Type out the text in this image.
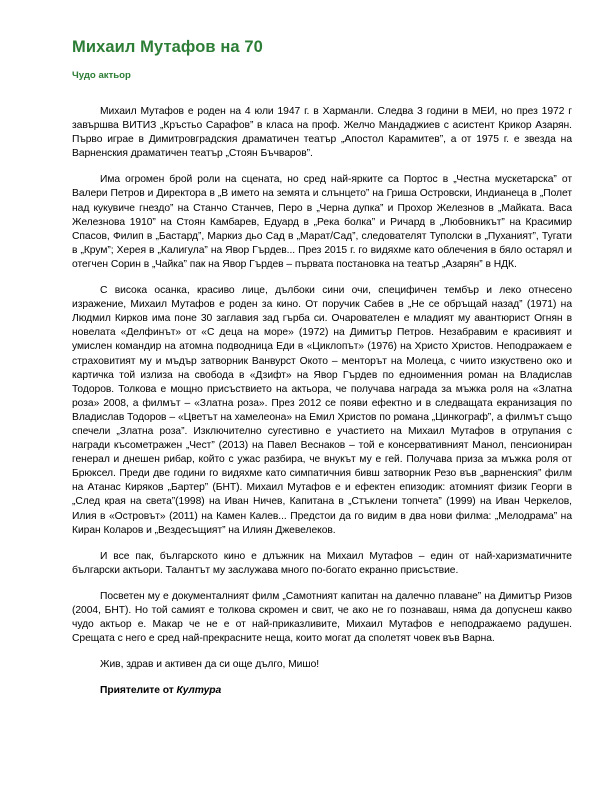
Михаил Мутафов на 70
Чудо актьор

Михаил Мутафов е роден на 4 юли 1947 г. в Харманли. Следва 3 години в МЕИ, но през 1972 г завършва ВИТИЗ „Кръстьо Сарафов” в класа на проф. Желчо Мандаджиев с асистент Крикор Азарян. Първо играе в Димитровградския драматичен театър „Апостол Карамитев”, а от 1975 г. е звезда на Варненския драматичен театър „Стоян Бъчваров”.

Има огромен брой роли на сцената, но сред най-ярките са Портос в „Честна мускетарска” от Валери Петров и Директора в „В името на земята и слънцето” на Гриша Островски, Индианеца в „Полет над кукувиче гнездо” на Станчо Станчев, Перо в „Черна дупка” и Прохор Железнов в „Майката. Васа Железнова 1910” на Стоян Камбарев, Едуард в „Река болка” и Ричард в „Любовникът” на Красимир Спасов, Филип в „Бастард”, Маркиз дьо Сад в „Марат/Сад”, следователят Туполски в „Пуханият”, Тугати в „Крум”; Херея в „Калигула” на Явор Гърдев... През 2015 г. го видяхме като облечения в бяло остарял и отегчен Сорин в „Чайка” пак на Явор Гърдев – първата постановка на театър „Азарян” в НДК.

С висока осанка, красиво лице, дълбоки сини очи, специфичен тембър и леко отнесено изражение, Михаил Мутафов е роден за кино. От поручик Сабев в „Не се обръщай назад” (1971) на Людмил Кирков има поне 30 заглавия зад гърба си. Очарователен е младият му авантюрист Огнян в новелата «Делфинът» от «С деца на море» (1972) на Димитър Петров. Незабравим е красивият и умислен командир на атомна подводница Еди в «Циклопът» (1976) на Христо Христов. Неподражаем е страховитият му и мъдър затворник Ванвурст Окото – менторът на Молеца, с чиито изкуствено око и картичка той излиза на свобода в «Дзифт» на Явор Гърдев по едноименния роман на Владислав Тодоров. Толкова е мощно присъствието на актьора, че получава награда за мъжка роля на «Златна роза» 2008, а филмът – «Златна роза». През 2012 се появи ефектно и в следващата екранизация по Владислав Тодоров – «Цветът на хамелеона» на Емил Христов по романа „Цинкограф”, а филмът също спечели „Златна роза”. Изключително сугестивно е участието на Михаил Мутафов в отрупания с награди късометражен „Чест” (2013) на Павел Веснаков – той е консервативният Манол, пенсиониран генерал и днешен рибар, който с ужас разбира, че внукът му е гей. Получава приза за мъжка роля от Брюксел. Преди две години го видяхме като симпатичния бивш затворник Резо във „варненския” филм на Атанас Киряков „Бартер” (БНТ). Михаил Мутафов е и ефектен епизодик: атомният физик Георги в „След края на света”(1998) на Иван Ничев, Капитана в „Стъклени топчета” (1999) на Иван Черкелов, Илия в «Островът» (2011) на Камен Калев... Предстои да го видим в два нови филма: „Мелодрама” на Киран Коларов и „Вездесъщият” на Илиян Джевелеков.

И все пак, българското кино е длъжник на Михаил Мутафов – един от най-харизматичните български актьори. Талантът му заслужава много по-богато екранно присъствие.

Посветен му е документалният филм „Самотният капитан на далечно плаване” на Димитър Ризов (2004, БНТ). Но той самият е толкова скромен и свит, че ако не го познаваш, няма да допуснеш какво чудо актьор е. Макар че не е от най-приказливите, Михаил Мутафов е неподражаемо радушен. Срещата с него е сред най-прекрасните неща, които могат да сполетят човек във Варна.

Жив, здрав и активен да си още дълго, Мишо!

Приятелите от Култура
